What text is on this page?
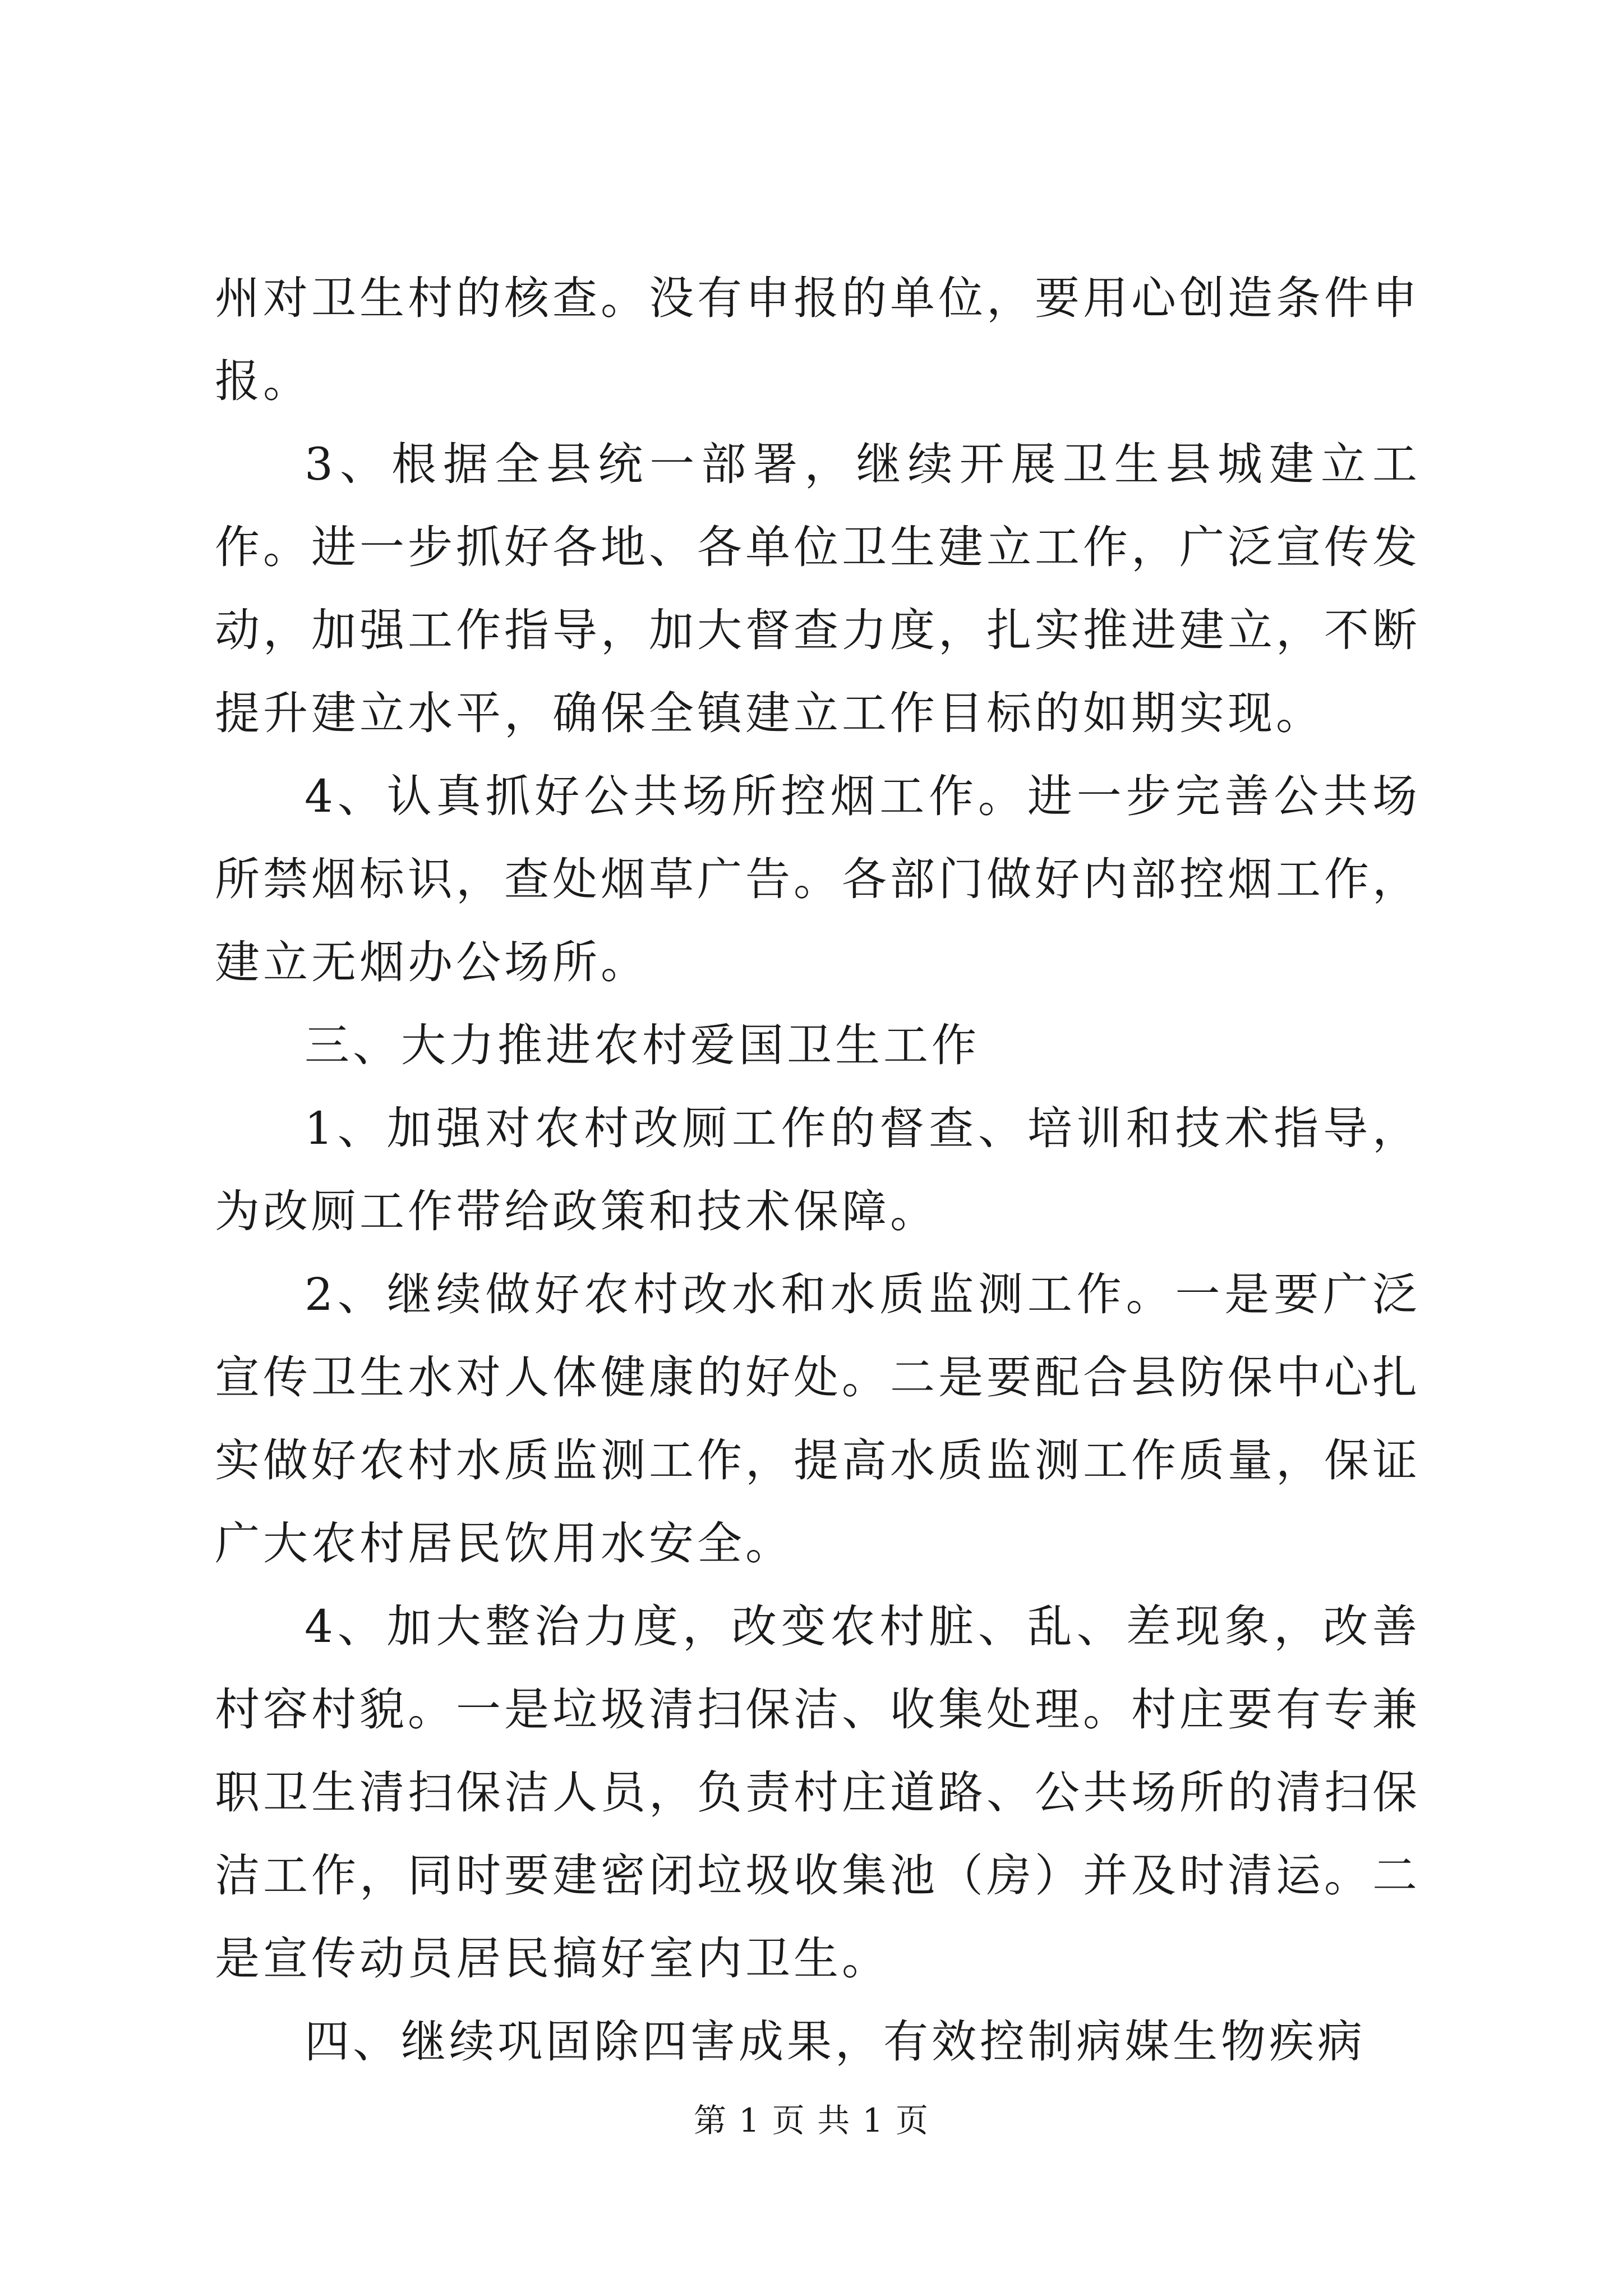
州对卫生村的核查。没有申报的单位，要用心创造条件申报。

3、根据全县统一部署，继续开展卫生县城建立工作。进一步抓好各地、各单位卫生建立工作，广泛宣传发动，加强工作指导，加大督查力度，扎实推进建立，不断提升建立水平，确保全镇建立工作目标的如期实现。

4、认真抓好公共场所控烟工作。进一步完善公共场所禁烟标识，查处烟草广告。各部门做好内部控烟工作，建立无烟办公场所。

三、大力推进农村爱国卫生工作

1、加强对农村改厕工作的督查、培训和技术指导，为改厕工作带给政策和技术保障。

2、继续做好农村改水和水质监测工作。一是要广泛宣传卫生水对人体健康的好处。二是要配合县防保中心扎实做好农村水质监测工作，提高水质监测工作质量，保证广大农村居民饮用水安全。

4、加大整治力度，改变农村脏、乱、差现象，改善村容村貌。一是垃圾清扫保洁、收集处理。村庄要有专兼职卫生清扫保洁人员，负责村庄道路、公共场所的清扫保洁工作，同时要建密闭垃圾收集池（房）并及时清运。二是宣传动员居民搞好室内卫生。

四、继续巩固除四害成果，有效控制病媒生物疾病

第 1 页 共 1 页
